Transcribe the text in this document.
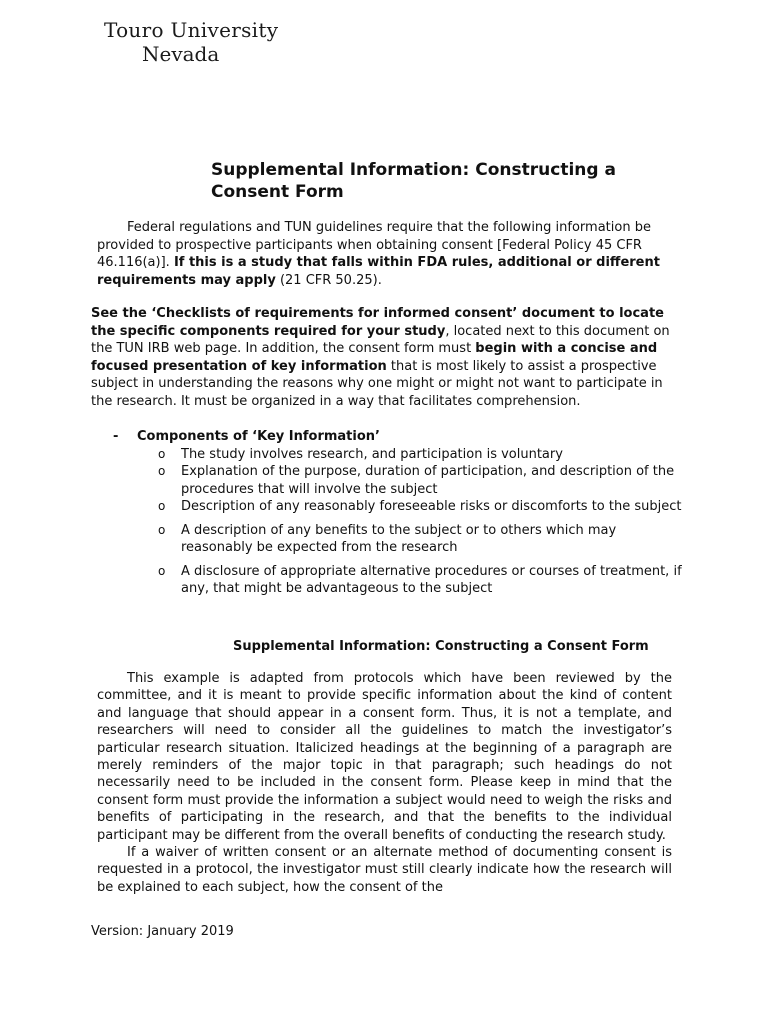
Touro University
Nevada
Supplemental Information: Constructing a Consent Form
Federal regulations and TUN guidelines require that the following information be provided to prospective participants when obtaining consent [Federal Policy 45 CFR 46.116(a)]. If this is a study that falls within FDA rules, additional or different requirements may apply (21 CFR 50.25).
See the ‘Checklists of requirements for informed consent’ document to locate the specific components required for your study, located next to this document on the TUN IRB web page. In addition, the consent form must begin with a concise and focused presentation of key information that is most likely to assist a prospective subject in understanding the reasons why one might or might not want to participate in the research. It must be organized in a way that facilitates comprehension.
- Components of ‘Key Information’
o The study involves research, and participation is voluntary
o Explanation of the purpose, duration of participation, and description of the procedures that will involve the subject
o Description of any reasonably foreseeable risks or discomforts to the subject
o A description of any benefits to the subject or to others which may reasonably be expected from the research
o A disclosure of appropriate alternative procedures or courses of treatment, if any, that might be advantageous to the subject
Supplemental Information: Constructing a Consent Form

This example is adapted from protocols which have been reviewed by the committee, and it is meant to provide specific information about the kind of content and language that should appear in a consent form. Thus, it is not a template, and researchers will need to consider all the guidelines to match the investigator’s particular research situation. Italicized headings at the beginning of a paragraph are merely reminders of the major topic in that paragraph; such headings do not necessarily need to be included in the consent form. Please keep in mind that the consent form must provide the information a subject would need to weigh the risks and benefits of participating in the research, and that the benefits to the individual participant may be different from the overall benefits of conducting the research study.

If a waiver of written consent or an alternate method of documenting consent is requested in a protocol, the investigator must still clearly indicate how the research will be explained to each subject, how the consent of the

Version: January 2019
